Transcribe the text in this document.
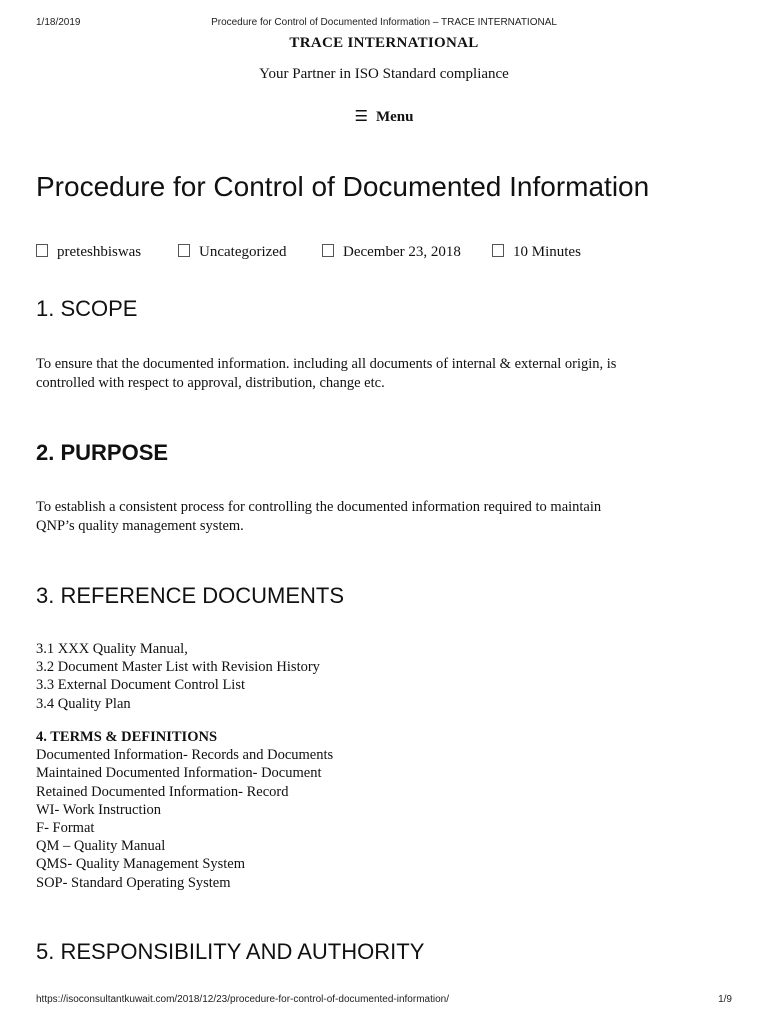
1/18/2019	Procedure for Control of Documented Information – TRACE INTERNATIONAL
TRACE INTERNATIONAL
Your Partner in ISO Standard compliance
☰ Menu
Procedure for Control of Documented Information
preteshbiswas	Uncategorized	December 23, 2018	10 Minutes
1. SCOPE
To ensure that the documented information. including all documents of internal & external origin, is
controlled with respect to approval, distribution, change etc.
2. PURPOSE
To establish a consistent process for controlling the documented information required to maintain
QNP’s quality management system.
3. REFERENCE DOCUMENTS
3.1 XXX Quality Manual,
3.2 Document Master List with Revision History
3.3 External Document Control List
3.4 Quality Plan
4. TERMS & DEFINITIONS
Documented Information- Records and Documents
Maintained Documented Information- Document
Retained Documented Information- Record
WI- Work Instruction
F- Format
QM – Quality Manual
QMS- Quality Management System
SOP- Standard Operating System
5. RESPONSIBILITY AND AUTHORITY
https://isoconsultantkuwait.com/2018/12/23/procedure-for-control-of-documented-information/	1/9
